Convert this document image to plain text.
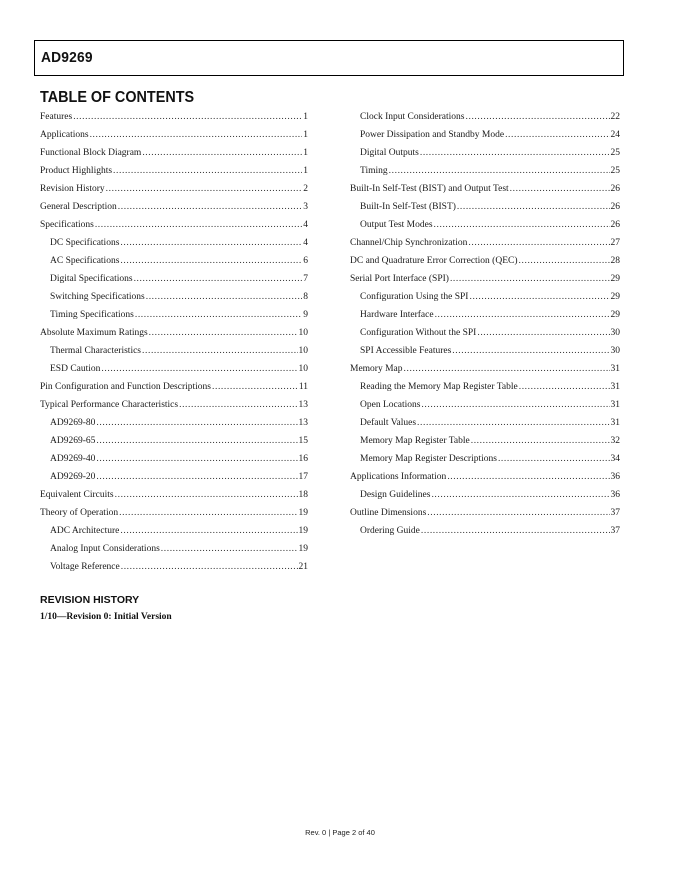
AD9269
TABLE OF CONTENTS
Features .....	1
Applications .....	1
Functional Block Diagram .....	1
Product Highlights .....	1
Revision History .....	2
General Description .....	3
Specifications .....	4
DC Specifications .....	4
AC Specifications .....	6
Digital Specifications .....	7
Switching Specifications .....	8
Timing Specifications .....	9
Absolute Maximum Ratings .....	10
Thermal Characteristics .....	10
ESD Caution .....	10
Pin Configuration and Function Descriptions .....	11
Typical Performance Characteristics .....	13
AD9269-80 .....	13
AD9269-65 .....	15
AD9269-40 .....	16
AD9269-20 .....	17
Equivalent Circuits .....	18
Theory of Operation .....	19
ADC Architecture .....	19
Analog Input Considerations .....	19
Voltage Reference .....	21
Clock Input Considerations .....	22
Power Dissipation and Standby Mode .....	24
Digital Outputs .....	25
Timing .....	25
Built-In Self-Test (BIST) and Output Test .....	26
Built-In Self-Test (BIST) .....	26
Output Test Modes .....	26
Channel/Chip Synchronization .....	27
DC and Quadrature Error Correction (QEC) .....	28
Serial Port Interface (SPI) .....	29
Configuration Using the SPI .....	29
Hardware Interface .....	29
Configuration Without the SPI .....	30
SPI Accessible Features .....	30
Memory Map .....	31
Reading the Memory Map Register Table .....	31
Open Locations .....	31
Default Values .....	31
Memory Map Register Table .....	32
Memory Map Register Descriptions .....	34
Applications Information .....	36
Design Guidelines .....	36
Outline Dimensions .....	37
Ordering Guide .....	37
REVISION HISTORY
1/10—Revision 0: Initial Version
Rev. 0 | Page 2 of 40
